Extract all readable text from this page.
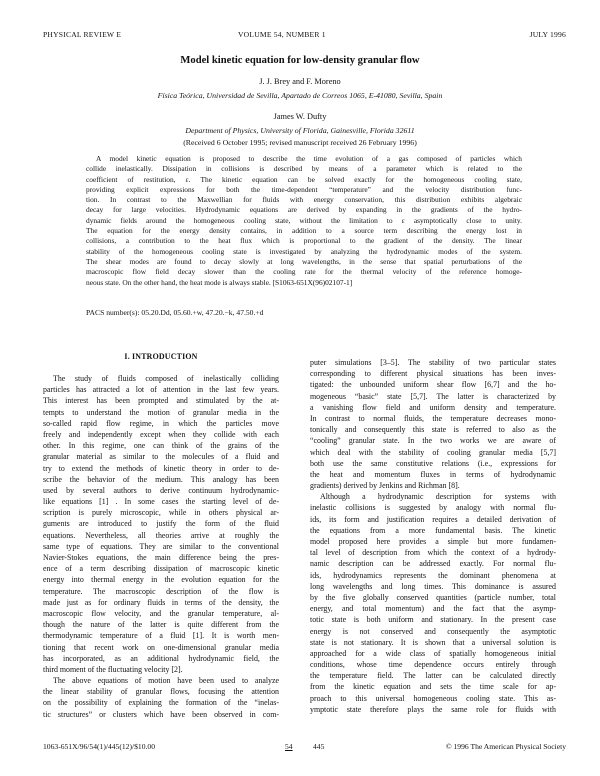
PHYSICAL REVIEW E	VOLUME 54, NUMBER 1	JULY 1996
Model kinetic equation for low-density granular flow
J. J. Brey and F. Moreno
Física Teórica, Universidad de Sevilla, Apartado de Correos 1065, E-41080, Sevilla, Spain
James W. Dufty
Department of Physics, University of Florida, Gainesville, Florida 32611
(Received 6 October 1995; revised manuscript received 26 February 1996)
A model kinetic equation is proposed to describe the time evolution of a gas composed of particles which
collide inelastically. Dissipation in collisions is described by means of a parameter which is related to the
coefficient of restitution, ε. The kinetic equation can be solved exactly for the homogeneous cooling state,
providing explicit expressions for both the time-dependent “temperature” and the velocity distribution func-
tion. In contrast to the Maxwellian for fluids with energy conservation, this distribution exhibits algebraic
decay for large velocities. Hydrodynamic equations are derived by expanding in the gradients of the hydro-
dynamic fields around the homogeneous cooling state, without the limitation to ε asymptotically close to unity.
The equation for the energy density contains, in addition to a source term describing the energy lost in
collisions, a contribution to the heat flux which is proportional to the gradient of the density. The linear
stability of the homogeneous cooling state is investigated by analyzing the hydrodynamic modes of the system.
The shear modes are found to decay slowly at long wavelengths, in the sense that spatial perturbations of the
macroscopic flow field decay slower than the cooling rate for the thermal velocity of the reference homoge-
neous state. On the other hand, the heat mode is always stable. [S1063-651X(96)02107-1]
PACS number(s): 05.20.Dd, 05.60.+w, 47.20.−k, 47.50.+d
I. INTRODUCTION
The study of fluids composed of inelastically colliding
particles has attracted a lot of attention in the last few years.
This interest has been prompted and stimulated by the at-
tempts to understand the motion of granular media in the
so-called rapid flow regime, in which the particles move
freely and independently except when they collide with each
other. In this regime, one can think of the grains of the
granular material as similar to the molecules of a fluid and
try to extend the methods of kinetic theory in order to de-
scribe the behavior of the medium. This analogy has been
used by several authors to derive continuum hydrodynamic-
like equations [1] . In some cases the starting level of de-
scription is purely microscopic, while in others physical ar-
guments are introduced to justify the form of the fluid
equations. Nevertheless, all theories arrive at roughly the
same type of equations. They are similar to the conventional
Navier-Stokes equations, the main difference being the pres-
ence of a term describing dissipation of macroscopic kinetic
energy into thermal energy in the evolution equation for the
temperature. The macroscopic description of the flow is
made just as for ordinary fluids in terms of the density, the
macroscopic flow velocity, and the granular temperature, al-
though the nature of the latter is quite different from the
thermodynamic temperature of a fluid [1]. It is worth men-
tioning that recent work on one-dimensional granular media
has incorporated, as an additional hydrodynamic field, the
third moment of the fluctuating velocity [2].
The above equations of motion have been used to analyze
the linear stability of granular flows, focusing the attention
on the possibility of explaining the formation of the “inelas-
tic structures” or clusters which have been observed in com-
puter simulations [3–5]. The stability of two particular states
corresponding to different physical situations has been inves-
tigated: the unbounded uniform shear flow [6,7] and the ho-
mogeneous “basic” state [5,7]. The latter is characterized by
a vanishing flow field and uniform density and temperature.
In contrast to normal fluids, the temperature decreases mono-
tonically and consequently this state is referred to also as the
“cooling” granular state. In the two works we are aware of
which deal with the stability of cooling granular media [5,7]
both use the same constitutive relations (i.e., expressions for
the heat and momentum fluxes in terms of hydrodynamic
gradients) derived by Jenkins and Richman [8].
Although a hydrodynamic description for systems with
inelastic collisions is suggested by analogy with normal flu-
ids, its form and justification requires a detailed derivation of
the equations from a more fundamental basis. The kinetic
model proposed here provides a simple but more fundamen-
tal level of description from which the context of a hydrody-
namic description can be addressed exactly. For normal flu-
ids, hydrodynamics represents the dominant phenomena at
long wavelengths and long times. This dominance is assured
by the five globally conserved quantities (particle number, total
energy, and total momentum) and the fact that the asymp-
totic state is both uniform and stationary. In the present case
energy is not conserved and consequently the asymptotic
state is not stationary. It is shown that a universal solution is
approached for a wide class of spatially homogeneous initial
conditions, whose time dependence occurs entirely through
the temperature field. The latter can be calculated directly
from the kinetic equation and sets the time scale for ap-
proach to this universal homogeneous cooling state. This as-
ymptotic state therefore plays the same role for fluids with
1063-651X/96/54(1)/445(12)/$10.00	54	445	© 1996 The American Physical Society
